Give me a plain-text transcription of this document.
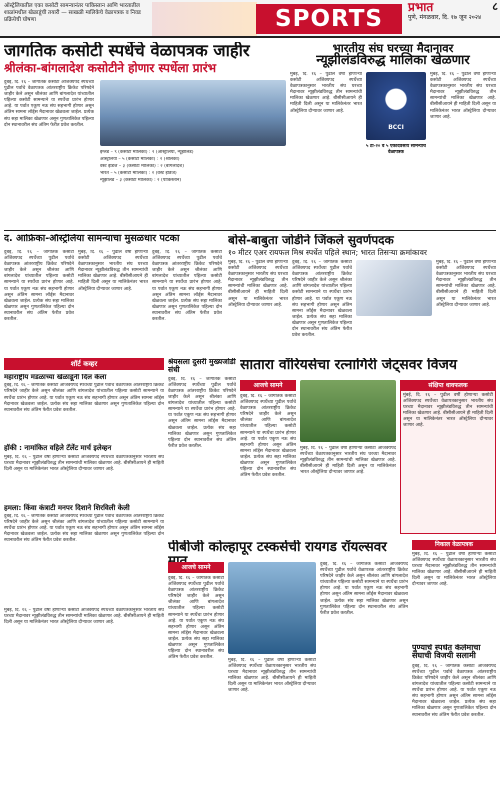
ऑस्ट्रेलियातील एका कसोटी सामन्यानंतर पाकिस्तान आणि भारतातील शाळांमधील खेळाडूंची तयारी — साखळी मालिकेचे वेळापत्रक व निवड प्रक्रियेची घोषणा	SPORTS	प्रभात	८
पुणे, मंगळवार, दि. १७ जून २०२४
जागतिक कसोटी स्पर्धेचे वेळापत्रक जाहीर
श्रीलंका-बांगलादेश कसोटीने होणार स्पर्धेला प्रारंभ
दुबई, दि. १६ – जागतिक कसोटी अजिंक्यपद स्पर्धेच्या पुढील पर्वाचे वेळापत्रक आंतरराष्ट्रीय क्रिकेट परिषदेने जाहीर केले असून श्रीलंका आणि बांगलादेश यांच्यातील पहिल्या कसोटी सामन्याने या स्पर्धेचा प्रारंभ होणार आहे. या पर्वात एकूण नऊ संघ सहभागी होणार असून अंतिम सामना लॉर्ड्स मैदानावर खेळवला जाईल. प्रत्येक संघ सहा मालिका खेळणार असून गुणतालिकेत पहिल्या दोन स्थानावरील संघ अंतिम फेरीत प्रवेश करतील.
इंग्लंड – ९ (कसोटी मालिका) : २ (ऑस्ट्रेलिया, न्यूझीलंड)
ऑस्ट्रेलिया – ५ (कसोटी मालिका) : २ (श्रीलंका)
वेस्ट इंडिज – ३ (कसोटी मालिका) : २ (बांगलादेश)
भारत – ५ (कसोटी मालिका) : २ (वेस्ट इंडिज)
न्यूझीलंड – ३ (कसोटी मालिका) : २ (पाकिस्तान)
भारतीय संघ घरच्या मैदानावर
न्यूझीलंडविरुद्ध मालिका खेळणार
मुंबई, दि. १६ – पुढील वर्षी होणाऱ्या कसोटी अजिंक्यपद स्पर्धेच्या वेळापत्रकानुसार भारतीय संघ घरच्या मैदानावर न्यूझीलंडविरुद्ध तीन सामन्यांची मालिका खेळणार आहे. बीसीसीआयने ही माहिती दिली असून या मालिकेनंतर भारत ऑस्ट्रेलिया दौऱ्यावर जाणार आहे.
BCCI
५ टी-२० व ५ एकदिवसीय सामन्यांचे वेळापत्रक
मुंबई, दि. १६ – पुढील वर्षी होणाऱ्या कसोटी अजिंक्यपद स्पर्धेच्या वेळापत्रकानुसार भारतीय संघ घरच्या मैदानावर न्यूझीलंडविरुद्ध तीन सामन्यांची मालिका खेळणार आहे. बीसीसीआयने ही माहिती दिली असून या मालिकेनंतर भारत ऑस्ट्रेलिया दौऱ्यावर जाणार आहे.
द. आफ्रिका-ऑस्ट्रेलिया सामन्याचा मुसळधार पटका
दुबई, दि. १६ – जागतिक कसोटी अजिंक्यपद स्पर्धेच्या पुढील पर्वाचे वेळापत्रक आंतरराष्ट्रीय क्रिकेट परिषदेने जाहीर केले असून श्रीलंका आणि बांगलादेश यांच्यातील पहिल्या कसोटी सामन्याने या स्पर्धेचा प्रारंभ होणार आहे. या पर्वात एकूण नऊ संघ सहभागी होणार असून अंतिम सामना लॉर्ड्स मैदानावर खेळवला जाईल. प्रत्येक संघ सहा मालिका खेळणार असून गुणतालिकेत पहिल्या दोन स्थानावरील संघ अंतिम फेरीत प्रवेश करतील.
मुंबई, दि. १६ – पुढील वर्षी होणाऱ्या कसोटी अजिंक्यपद स्पर्धेच्या वेळापत्रकानुसार भारतीय संघ घरच्या मैदानावर न्यूझीलंडविरुद्ध तीन सामन्यांची मालिका खेळणार आहे. बीसीसीआयने ही माहिती दिली असून या मालिकेनंतर भारत ऑस्ट्रेलिया दौऱ्यावर जाणार आहे.
दुबई, दि. १६ – जागतिक कसोटी अजिंक्यपद स्पर्धेच्या पुढील पर्वाचे वेळापत्रक आंतरराष्ट्रीय क्रिकेट परिषदेने जाहीर केले असून श्रीलंका आणि बांगलादेश यांच्यातील पहिल्या कसोटी सामन्याने या स्पर्धेचा प्रारंभ होणार आहे. या पर्वात एकूण नऊ संघ सहभागी होणार असून अंतिम सामना लॉर्ड्स मैदानावर खेळवला जाईल. प्रत्येक संघ सहा मालिका खेळणार असून गुणतालिकेत पहिल्या दोन स्थानावरील संघ अंतिम फेरीत प्रवेश करतील.
बोसे-बाबुता जोडीने जिंकले सुवर्णपदक
१० मीटर एअर रायफल मिश्र स्पर्धेत पहिले स्थान; भारत तिसऱ्या क्रमांकावर
मुंबई, दि. १६ – पुढील वर्षी होणाऱ्या कसोटी अजिंक्यपद स्पर्धेच्या वेळापत्रकानुसार भारतीय संघ घरच्या मैदानावर न्यूझीलंडविरुद्ध तीन सामन्यांची मालिका खेळणार आहे. बीसीसीआयने ही माहिती दिली असून या मालिकेनंतर भारत ऑस्ट्रेलिया दौऱ्यावर जाणार आहे.
दुबई, दि. १६ – जागतिक कसोटी अजिंक्यपद स्पर्धेच्या पुढील पर्वाचे वेळापत्रक आंतरराष्ट्रीय क्रिकेट परिषदेने जाहीर केले असून श्रीलंका आणि बांगलादेश यांच्यातील पहिल्या कसोटी सामन्याने या स्पर्धेचा प्रारंभ होणार आहे. या पर्वात एकूण नऊ संघ सहभागी होणार असून अंतिम सामना लॉर्ड्स मैदानावर खेळवला जाईल. प्रत्येक संघ सहा मालिका खेळणार असून गुणतालिकेत पहिल्या दोन स्थानावरील संघ अंतिम फेरीत प्रवेश करतील.
मुंबई, दि. १६ – पुढील वर्षी होणाऱ्या कसोटी अजिंक्यपद स्पर्धेच्या वेळापत्रकानुसार भारतीय संघ घरच्या मैदानावर न्यूझीलंडविरुद्ध तीन सामन्यांची मालिका खेळणार आहे. बीसीसीआयने ही माहिती दिली असून या मालिकेनंतर भारत ऑस्ट्रेलिया दौऱ्यावर जाणार आहे.
शॉर्ट कव्हर	श्रेयसला दुसरी मुख्यजोडी संधी
दुबई, दि. १६ – जागतिक कसोटी अजिंक्यपद स्पर्धेच्या पुढील पर्वाचे वेळापत्रक आंतरराष्ट्रीय क्रिकेट परिषदेने जाहीर केले असून श्रीलंका आणि बांगलादेश यांच्यातील पहिल्या कसोटी सामन्याने या स्पर्धेचा प्रारंभ होणार आहे. या पर्वात एकूण नऊ संघ सहभागी होणार असून अंतिम सामना लॉर्ड्स मैदानावर खेळवला जाईल. प्रत्येक संघ सहा मालिका खेळणार असून गुणतालिकेत पहिल्या दोन स्थानावरील संघ अंतिम फेरीत प्रवेश करतील.
महाराष्ट्रीय मंडळाच्या खेळाडूंनी दिल केला
दुबई, दि. १६ – जागतिक कसोटी अजिंक्यपद स्पर्धेच्या पुढील पर्वाचे वेळापत्रक आंतरराष्ट्रीय क्रिकेट परिषदेने जाहीर केले असून श्रीलंका आणि बांगलादेश यांच्यातील पहिल्या कसोटी सामन्याने या स्पर्धेचा प्रारंभ होणार आहे. या पर्वात एकूण नऊ संघ सहभागी होणार असून अंतिम सामना लॉर्ड्स मैदानावर खेळवला जाईल. प्रत्येक संघ सहा मालिका खेळणार असून गुणतालिकेत पहिल्या दोन स्थानावरील संघ अंतिम फेरीत प्रवेश करतील.
हॉकी : नामांकित वहिले टॅलेंट मार्च इलेव्हन
मुंबई, दि. १६ – पुढील वर्षी होणाऱ्या कसोटी अजिंक्यपद स्पर्धेच्या वेळापत्रकानुसार भारतीय संघ घरच्या मैदानावर न्यूझीलंडविरुद्ध तीन सामन्यांची मालिका खेळणार आहे. बीसीसीआयने ही माहिती दिली असून या मालिकेनंतर भारत ऑस्ट्रेलिया दौऱ्यावर जाणार आहे.
हमला: किंवा कंत्राटी मनपर दिशाने शिरविली केली
दुबई, दि. १६ – जागतिक कसोटी अजिंक्यपद स्पर्धेच्या पुढील पर्वाचे वेळापत्रक आंतरराष्ट्रीय क्रिकेट परिषदेने जाहीर केले असून श्रीलंका आणि बांगलादेश यांच्यातील पहिल्या कसोटी सामन्याने या स्पर्धेचा प्रारंभ होणार आहे. या पर्वात एकूण नऊ संघ सहभागी होणार असून अंतिम सामना लॉर्ड्स मैदानावर खेळवला जाईल. प्रत्येक संघ सहा मालिका खेळणार असून गुणतालिकेत पहिल्या दोन स्थानावरील संघ अंतिम फेरीत प्रवेश करतील.
सातारा वॉरियर्सचा रत्नागिरी जेट्सवर विजय
आजचे सामने
दुबई, दि. १६ – जागतिक कसोटी अजिंक्यपद स्पर्धेच्या पुढील पर्वाचे वेळापत्रक आंतरराष्ट्रीय क्रिकेट परिषदेने जाहीर केले असून श्रीलंका आणि बांगलादेश यांच्यातील पहिल्या कसोटी सामन्याने या स्पर्धेचा प्रारंभ होणार आहे. या पर्वात एकूण नऊ संघ सहभागी होणार असून अंतिम सामना लॉर्ड्स मैदानावर खेळवला जाईल. प्रत्येक संघ सहा मालिका खेळणार असून गुणतालिकेत पहिल्या दोन स्थानावरील संघ अंतिम फेरीत प्रवेश करतील.
मुंबई, दि. १६ – पुढील वर्षी होणाऱ्या कसोटी अजिंक्यपद स्पर्धेच्या वेळापत्रकानुसार भारतीय संघ घरच्या मैदानावर न्यूझीलंडविरुद्ध तीन सामन्यांची मालिका खेळणार आहे. बीसीसीआयने ही माहिती दिली असून या मालिकेनंतर भारत ऑस्ट्रेलिया दौऱ्यावर जाणार आहे.
संक्षिप्त धावफलक
मुंबई, दि. १६ – पुढील वर्षी होणाऱ्या कसोटी अजिंक्यपद स्पर्धेच्या वेळापत्रकानुसार भारतीय संघ घरच्या मैदानावर न्यूझीलंडविरुद्ध तीन सामन्यांची मालिका खेळणार आहे. बीसीसीआयने ही माहिती दिली असून या मालिकेनंतर भारत ऑस्ट्रेलिया दौऱ्यावर जाणार आहे.
पीबीजी कोल्हापूर टस्कर्सची रायगड रॉयल्सवर
आजचे सामने
दुबई, दि. १६ – जागतिक कसोटी अजिंक्यपद स्पर्धेच्या पुढील पर्वाचे वेळापत्रक आंतरराष्ट्रीय क्रिकेट परिषदेने जाहीर केले असून श्रीलंका आणि बांगलादेश यांच्यातील पहिल्या कसोटी सामन्याने या स्पर्धेचा प्रारंभ होणार आहे. या पर्वात एकूण नऊ संघ सहभागी होणार असून अंतिम सामना लॉर्ड्स मैदानावर खेळवला जाईल. प्रत्येक संघ सहा मालिका खेळणार असून गुणतालिकेत पहिल्या दोन स्थानावरील संघ अंतिम फेरीत प्रवेश करतील.
मुंबई, दि. १६ – पुढील वर्षी होणाऱ्या कसोटी अजिंक्यपद स्पर्धेच्या वेळापत्रकानुसार भारतीय संघ घरच्या मैदानावर न्यूझीलंडविरुद्ध तीन सामन्यांची मालिका खेळणार आहे. बीसीसीआयने ही माहिती दिली असून या मालिकेनंतर भारत ऑस्ट्रेलिया दौऱ्यावर जाणार आहे.
दुबई, दि. १६ – जागतिक कसोटी अजिंक्यपद स्पर्धेच्या पुढील पर्वाचे वेळापत्रक आंतरराष्ट्रीय क्रिकेट परिषदेने जाहीर केले असून श्रीलंका आणि बांगलादेश यांच्यातील पहिल्या कसोटी सामन्याने या स्पर्धेचा प्रारंभ होणार आहे. या पर्वात एकूण नऊ संघ सहभागी होणार असून अंतिम सामना लॉर्ड्स मैदानावर खेळवला जाईल. प्रत्येक संघ सहा मालिका खेळणार असून गुणतालिकेत पहिल्या दोन स्थानावरील संघ अंतिम फेरीत प्रवेश करतील.
निकाल वेळापत्रक
मुंबई, दि. १६ – पुढील वर्षी होणाऱ्या कसोटी अजिंक्यपद स्पर्धेच्या वेळापत्रकानुसार भारतीय संघ घरच्या मैदानावर न्यूझीलंडविरुद्ध तीन सामन्यांची मालिका खेळणार आहे. बीसीसीआयने ही माहिती दिली असून या मालिकेनंतर भारत ऑस्ट्रेलिया दौऱ्यावर जाणार आहे.
पुण्याचे स्पर्धेत केलेमाचा संघाची विजयी सलामी
दुबई, दि. १६ – जागतिक कसोटी अजिंक्यपद स्पर्धेच्या पुढील पर्वाचे वेळापत्रक आंतरराष्ट्रीय क्रिकेट परिषदेने जाहीर केले असून श्रीलंका आणि बांगलादेश यांच्यातील पहिल्या कसोटी सामन्याने या स्पर्धेचा प्रारंभ होणार आहे. या पर्वात एकूण नऊ संघ सहभागी होणार असून अंतिम सामना लॉर्ड्स मैदानावर खेळवला जाईल. प्रत्येक संघ सहा मालिका खेळणार असून गुणतालिकेत पहिल्या दोन स्थानावरील संघ अंतिम फेरीत प्रवेश करतील.
मुंबई, दि. १६ – पुढील वर्षी होणाऱ्या कसोटी अजिंक्यपद स्पर्धेच्या वेळापत्रकानुसार भारतीय संघ घरच्या मैदानावर न्यूझीलंडविरुद्ध तीन सामन्यांची मालिका खेळणार आहे. बीसीसीआयने ही माहिती दिली असून या मालिकेनंतर भारत ऑस्ट्रेलिया दौऱ्यावर जाणार आहे.
